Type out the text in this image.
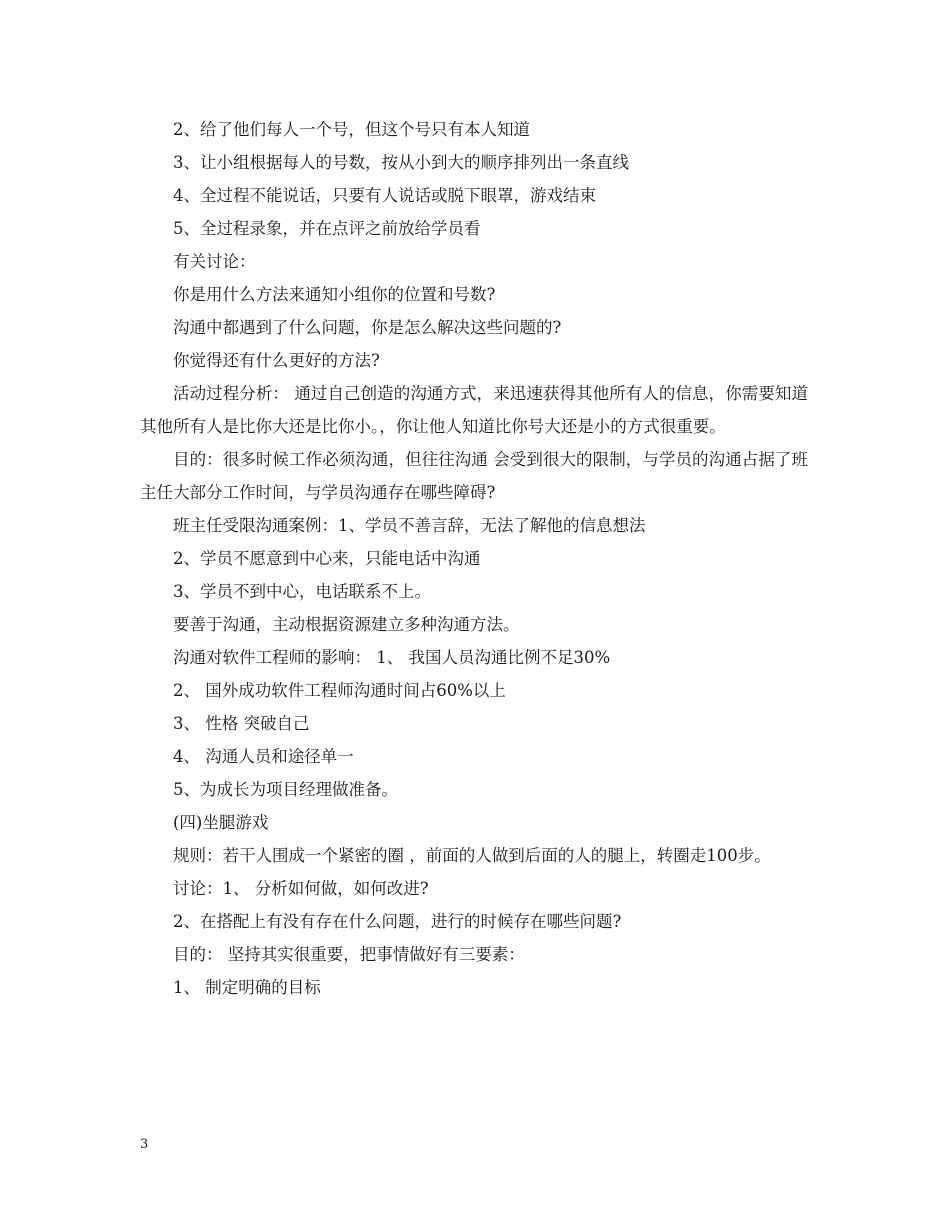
2、给了他们每人一个号，但这个号只有本人知道

3、让小组根据每人的号数，按从小到大的顺序排列出一条直线

4、全过程不能说话，只要有人说话或脱下眼罩，游戏结束

5、全过程录象，并在点评之前放给学员看

有关讨论：

你是用什么方法来通知小组你的位置和号数?

沟通中都遇到了什么问题，你是怎么解决这些问题的?

你觉得还有什么更好的方法?

活动过程分析： 通过自己创造的沟通方式，来迅速获得其他所有人的信息，你需要知道其他所有人是比你大还是比你小。，你让他人知道比你号大还是小的方式很重要。

目的：很多时候工作必须沟通，但往往沟通 会受到很大的限制，与学员的沟通占据了班主任大部分工作时间，与学员沟通存在哪些障碍?

班主任受限沟通案例：1、学员不善言辞，无法了解他的信息想法

2、学员不愿意到中心来，只能电话中沟通

3、学员不到中心，电话联系不上。

要善于沟通，主动根据资源建立多种沟通方法。

沟通对软件工程师的影响： 1、 我国人员沟通比例不足30%

2、 国外成功软件工程师沟通时间占60%以上

3、 性格 突破自己

4、 沟通人员和途径单一

5、为成长为项目经理做准备。

(四)坐腿游戏

规则：若干人围成一个紧密的圈 ，前面的人做到后面的人的腿上，转圈走100步。

讨论：1、 分析如何做，如何改进?

2、在搭配上有没有存在什么问题，进行的时候存在哪些问题?

目的： 坚持其实很重要，把事情做好有三要素：

1、 制定明确的目标

3
